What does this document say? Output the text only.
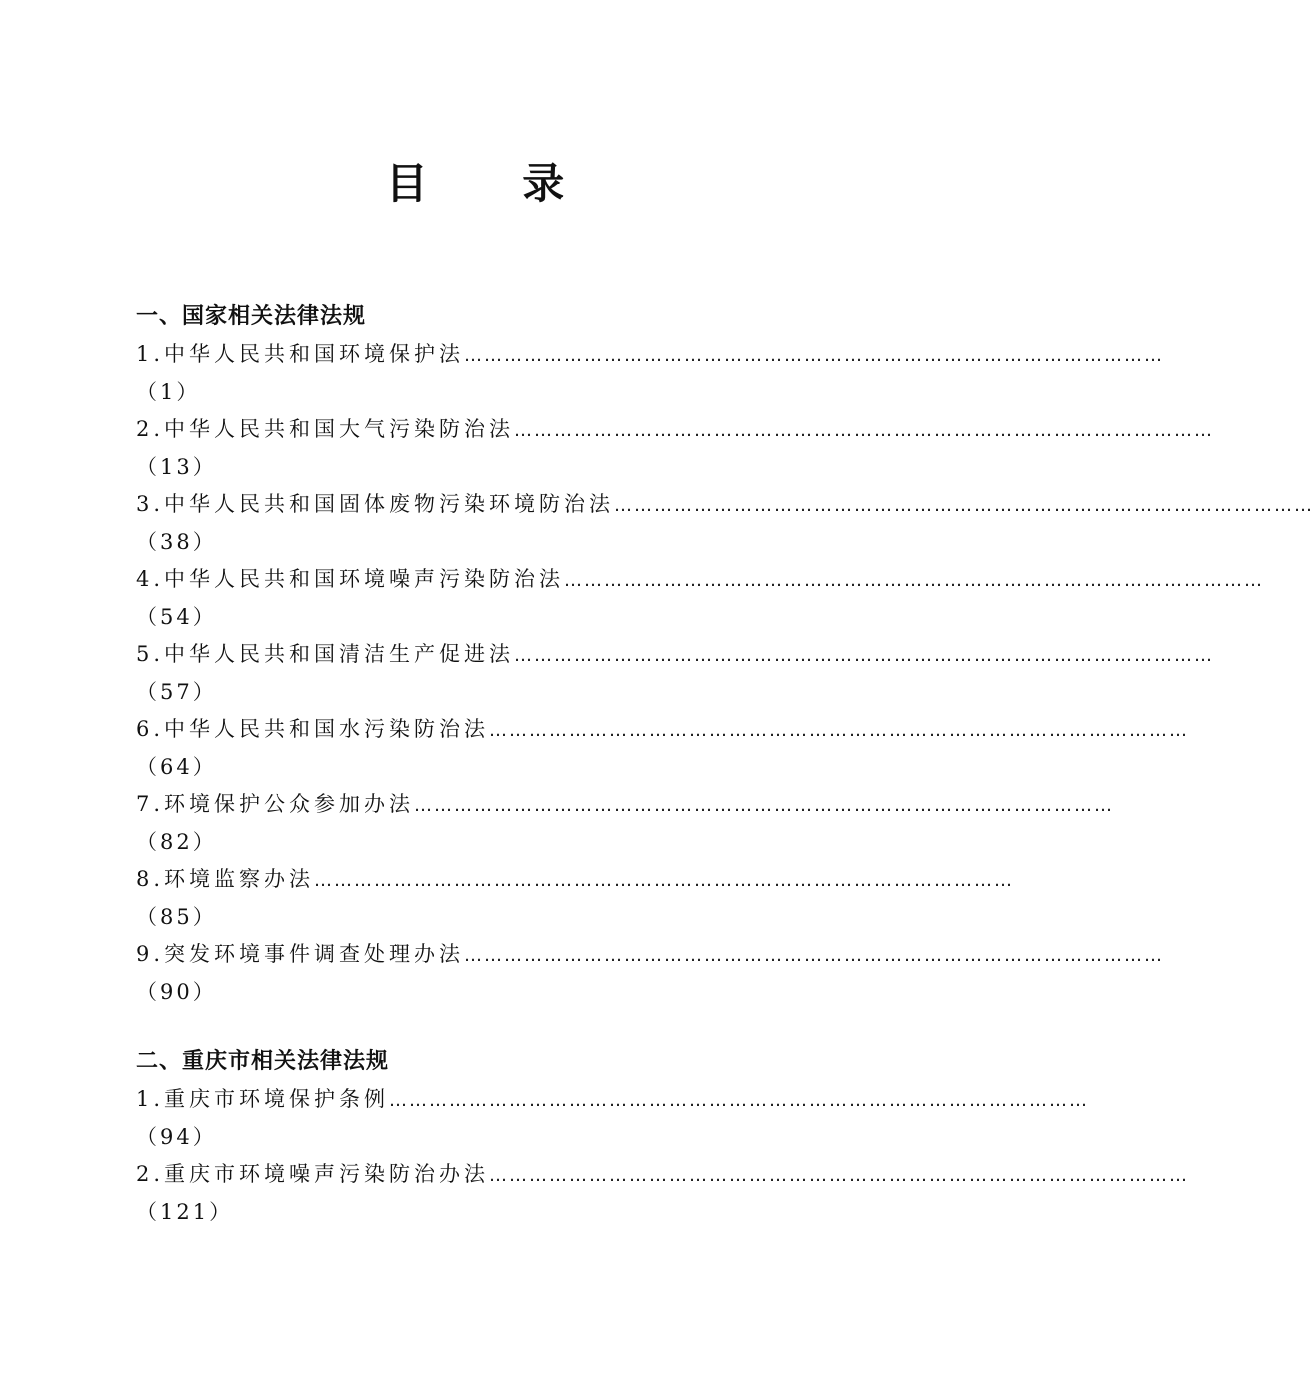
目 录
一、国家相关法律法规
1.中华人民共和国环境保护法 ……………………………………………………………………………………………
（1）
2.中华人民共和国大气污染防治法 ……………………………………………………………………………………………
（13）
3.中华人民共和国固体废物污染环境防治法 ……………………………………………………………………………………………
（38）
4.中华人民共和国环境噪声污染防治法 ……………………………………………………………………………………………
（54）
5.中华人民共和国清洁生产促进法 ……………………………………………………………………………………………
（57）
6.中华人民共和国水污染防治法 ……………………………………………………………………………………………
（64）
7.环境保护公众参加办法 ……………………………………………………………………………………………
（82）
8.环境监察办法 ……………………………………………………………………………………………
（85）
9.突发环境事件调查处理办法 ……………………………………………………………………………………………
（90）
二、重庆市相关法律法规
1.重庆市环境保护条例 ……………………………………………………………………………………………
（94）
2.重庆市环境噪声污染防治办法 ……………………………………………………………………………………………
（121）
